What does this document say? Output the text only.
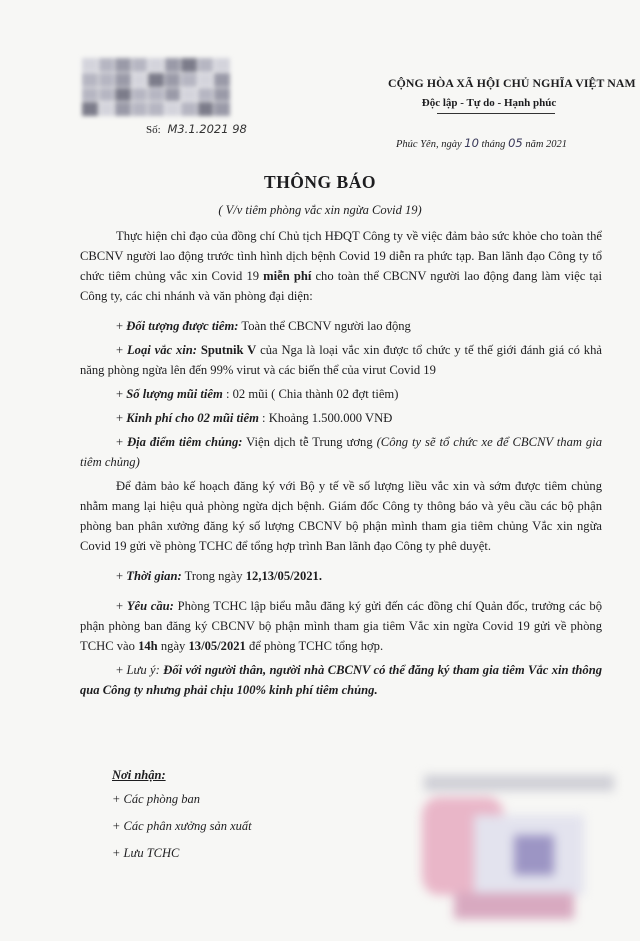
Số: M3.1.2021 98
CỘNG HÒA XÃ HỘI CHỦ NGHĨA VIỆT NAM
Độc lập - Tự do - Hạnh phúc
Phúc Yên, ngày 10 tháng 05 năm 2021
THÔNG BÁO
( V/v tiêm phòng vắc xin ngừa Covid 19)

Thực hiện chỉ đạo của đồng chí Chủ tịch HĐQT Công ty về việc đảm bảo sức khỏe cho toàn thể CBCNV người lao động trước tình hình dịch bệnh Covid 19 diễn ra phức tạp. Ban lãnh đạo Công ty tổ chức tiêm chủng vắc xin Covid 19 miễn phí cho toàn thể CBCNV người lao động đang làm việc tại Công ty, các chi nhánh và văn phòng đại diện:

+ Đối tượng được tiêm: Toàn thể CBCNV người lao động

+ Loại vắc xin: Sputnik V của Nga là loại vắc xin được tổ chức y tế thế giới đánh giá có khả năng phòng ngừa lên đến 99% virut và các biến thể của virut Covid 19

+ Số lượng mũi tiêm : 02 mũi ( Chia thành 02 đợt tiêm)

+ Kinh phí cho 02 mũi tiêm : Khoảng 1.500.000 VNĐ

+ Địa điểm tiêm chủng: Viện dịch tễ Trung ương (Công ty sẽ tổ chức xe để CBCNV tham gia tiêm chủng)

Để đảm bảo kế hoạch đăng ký với Bộ y tế về số lượng liều vắc xin và sớm được tiêm chủng nhằm mang lại hiệu quả phòng ngừa dịch bệnh. Giám đốc Công ty thông báo và yêu cầu các bộ phận phòng ban phân xưởng đăng ký số lượng CBCNV bộ phận mình tham gia tiêm chủng Vắc xin ngừa Covid 19 gửi về phòng TCHC để tổng hợp trình Ban lãnh đạo Công ty phê duyệt.

+ Thời gian: Trong ngày 12,13/05/2021.

+ Yêu cầu: Phòng TCHC lập biểu mẫu đăng ký gửi đến các đồng chí Quản đốc, trưởng các bộ phận phòng ban đăng ký CBCNV bộ phận mình tham gia tiêm Vắc xin ngừa Covid 19 gửi về phòng TCHC vào 14h ngày 13/05/2021 để phòng TCHC tổng hợp.

+ Lưu ý: Đối với người thân, người nhà CBCNV có thể đăng ký tham gia tiêm Vắc xin thông qua Công ty nhưng phải chịu 100% kinh phí tiêm chủng.

Nơi nhận:
+ Các phòng ban
+ Các phân xưởng sản xuất
+ Lưu TCHC
